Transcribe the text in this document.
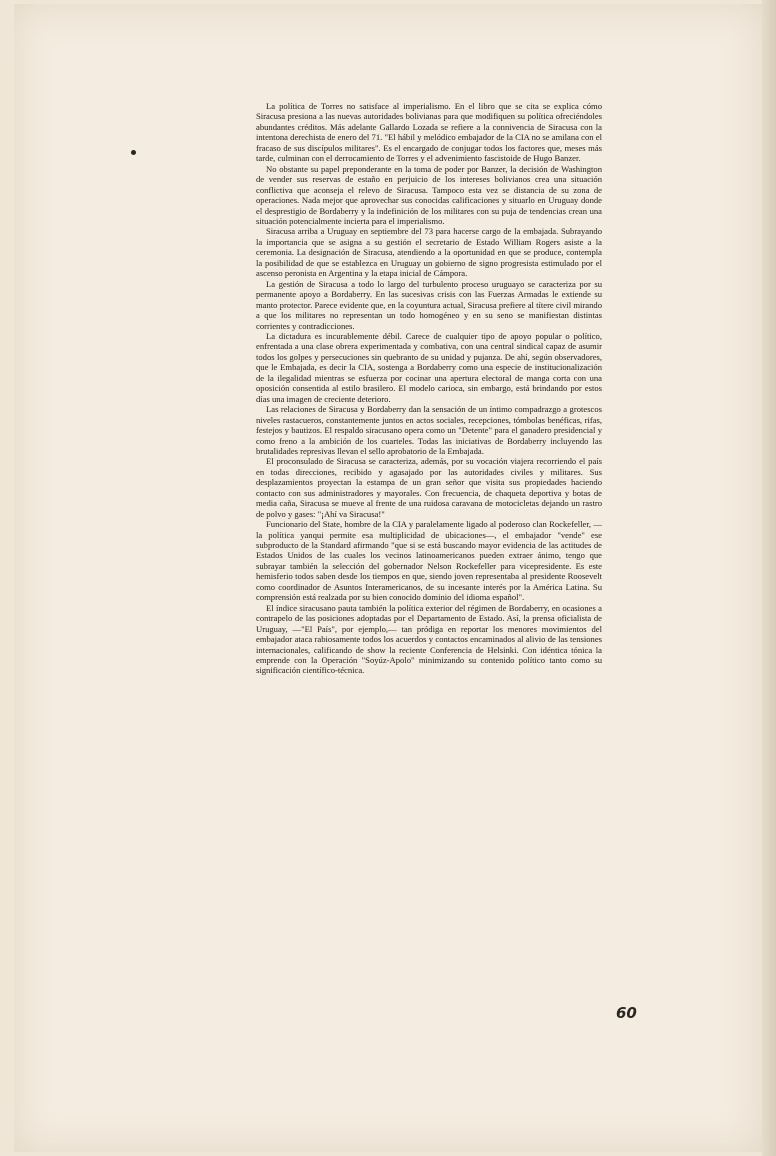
La política de Torres no satisface al imperialismo. En el libro que se cita se explica cómo Siracusa presiona a las nuevas autoridades bolivianas para que modifiquen su política ofreciéndoles abundantes créditos. Más adelante Gallardo Lozada se refiere a la connivencia de Siracusa con la intentona derechista de enero del 71. "El hábil y melódico embajador de la CIA no se amilana con el fracaso de sus discípulos militares". Es el encargado de conjugar todos los factores que, meses más tarde, culminan con el derrocamiento de Torres y el advenimiento fascistoide de Hugo Banzer.

No obstante su papel preponderante en la toma de poder por Banzer, la decisión de Washington de vender sus reservas de estaño en perjuicio de los intereses bolivianos crea una situación conflictiva que aconseja el relevo de Siracusa. Tampoco esta vez se distancia de su zona de operaciones. Nada mejor que aprovechar sus conocidas calificaciones y situarlo en Uruguay donde el desprestigio de Bordaberry y la indefinición de los militares con su puja de tendencias crean una situación potencialmente incierta para el imperialismo.

Siracusa arriba a Uruguay en septiembre del 73 para hacerse cargo de la embajada. Subrayando la importancia que se asigna a su gestión el secretario de Estado William Rogers asiste a la ceremonia. La designación de Siracusa, atendiendo a la oportunidad en que se produce, contempla la posibilidad de que se establezca en Uruguay un gobierno de signo progresista estimulado por el ascenso peronista en Argentina y la etapa inicial de Cámpora.

La gestión de Siracusa a todo lo largo del turbulento proceso uruguayo se caracteriza por su permanente apoyo a Bordaberry. En las sucesivas crisis con las Fuerzas Armadas le extiende su manto protector. Parece evidente que, en la coyuntura actual, Siracusa prefiere al títere civil mirando a que los militares no representan un todo homogéneo y en su seno se manifiestan distintas corrientes y contradicciones.

La dictadura es incurablemente débil. Carece de cualquier tipo de apoyo popular o político, enfrentada a una clase obrera experimentada y combativa, con una central sindical capaz de asumir todos los golpes y persecuciones sin quebranto de su unidad y pujanza. De ahí, según observadores, que le Embajada, es decir la CIA, sostenga a Bordaberry como una especie de institucionalización de la ilegalidad mientras se esfuerza por cocinar una apertura electoral de manga corta con una oposición consentida al estilo brasilero. El modelo carioca, sin embargo, está brindando por estos días una imagen de creciente deterioro.

Las relaciones de Siracusa y Bordaberry dan la sensación de un íntimo compadrazgo a grotescos niveles rastacueros, constantemente juntos en actos sociales, recepciones, tómbolas benéficas, rifas, festejos y bautizos. El respaldo siracusano opera como un "Detente" para el ganadero presidencial y como freno a la ambición de los cuarteles. Todas las iniciativas de Bordaberry incluyendo las brutalidades represivas llevan el sello aprobatorio de la Embajada.

El proconsulado de Siracusa se caracteriza, además, por su vocación viajera recorriendo el país en todas direcciones, recibido y agasajado por las autoridades civiles y militares. Sus desplazamientos proyectan la estampa de un gran señor que visita sus propiedades haciendo contacto con sus administradores y mayorales. Con frecuencia, de chaqueta deportiva y botas de media caña, Siracusa se mueve al frente de una ruidosa caravana de motocicletas dejando un rastro de polvo y gases: "¡Ahí va Siracusa!"

Funcionario del State, hombre de la CIA y paralelamente ligado al poderoso clan Rockefeller, —la política yanqui permite esa multiplicidad de ubicaciones—, el embajador "vende" ese subproducto de la Standard afirmando "que si se está buscando mayor evidencia de las actitudes de Estados Unidos de las cuales los vecinos latinoamericanos pueden extraer ánimo, tengo que subrayar también la selección del gobernador Nelson Rockefeller para vicepresidente. Es este hemisferio todos saben desde los tiempos en que, siendo joven representaba al presidente Roosevelt como coordinador de Asuntos Interamericanos, de su incesante interés por la América Latina. Su comprensión está realzada por su bien conocido dominio del idioma español".

El índice siracusano pauta también la política exterior del régimen de Bordaberry, en ocasiones a contrapelo de las posiciones adoptadas por el Departamento de Estado. Así, la prensa oficialista de Uruguay, —"El País", por ejemplo,— tan pródiga en reportar los menores movimientos del embajador ataca rabiosamente todos los acuerdos y contactos encaminados al alivio de las tensiones internacionales, calificando de show la reciente Conferencia de Helsinki. Con idéntica tónica la emprende con la Operación "Soyúz-Apolo" minimizando su contenido político tanto como su significación científico-técnica.

60
